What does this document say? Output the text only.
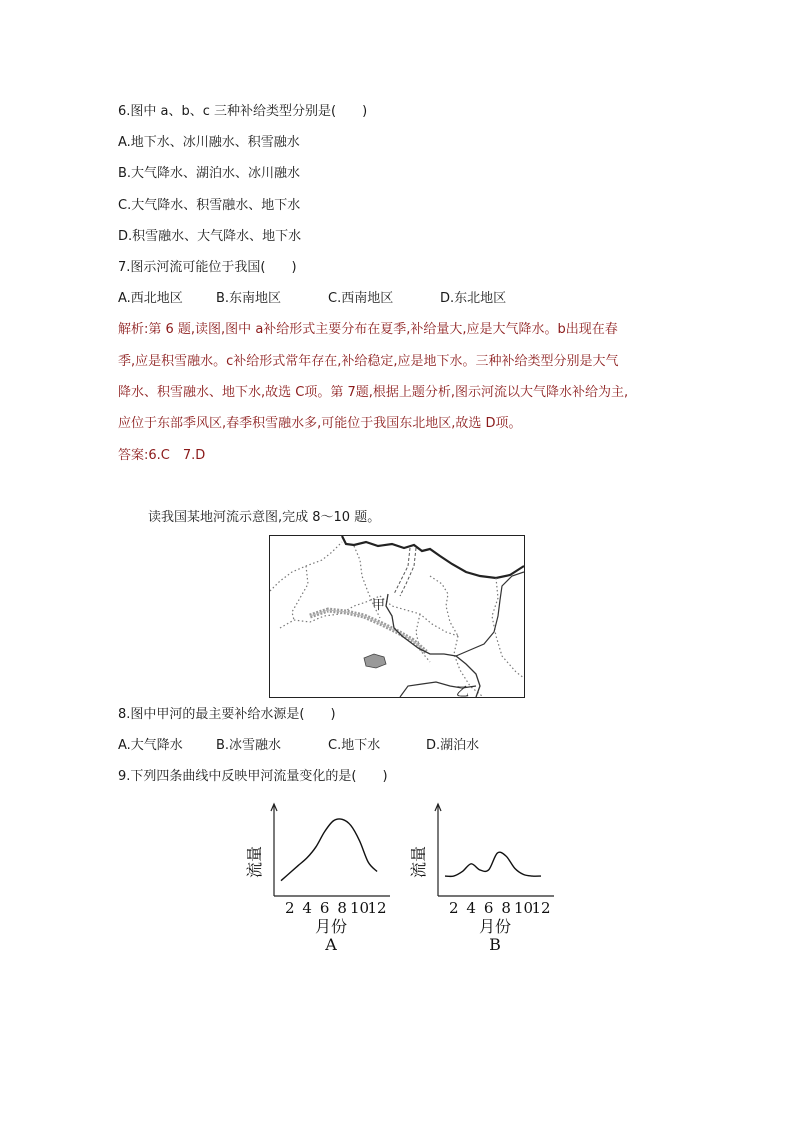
6.图中 a、b、c 三种补给类型分别是(　　)
A.地下水、冰川融水、积雪融水
B.大气降水、湖泊水、冰川融水
C.大气降水、积雪融水、地下水
D.积雪融水、大气降水、地下水
7.图示河流可能位于我国(　　)
A.西北地区	B.东南地区	C.西南地区	D.东北地区
解析:第 6 题,读图,图中 a补给形式主要分布在夏季,补给量大,应是大气降水。b出现在春
季,应是积雪融水。c补给形式常年存在,补给稳定,应是地下水。三种补给类型分别是大气
降水、积雪融水、地下水,故选 C项。第 7题,根据上题分析,图示河流以大气降水补给为主,
应位于东部季风区,春季积雪融水多,可能位于我国东北地区,故选 D项。
答案:6.C　7.D
读我国某地河流示意图,完成 8～10 题。
甲
乙
8.图中甲河的最主要补给水源是(　　)
A.大气降水	B.冰雪融水	C.地下水	D.湖泊水
9.下列四条曲线中反映甲河流量变化的是(　　)
2 4 6 8 10
12
月份
A
流量
2 4 6 8 10
12
月份
B
流量
